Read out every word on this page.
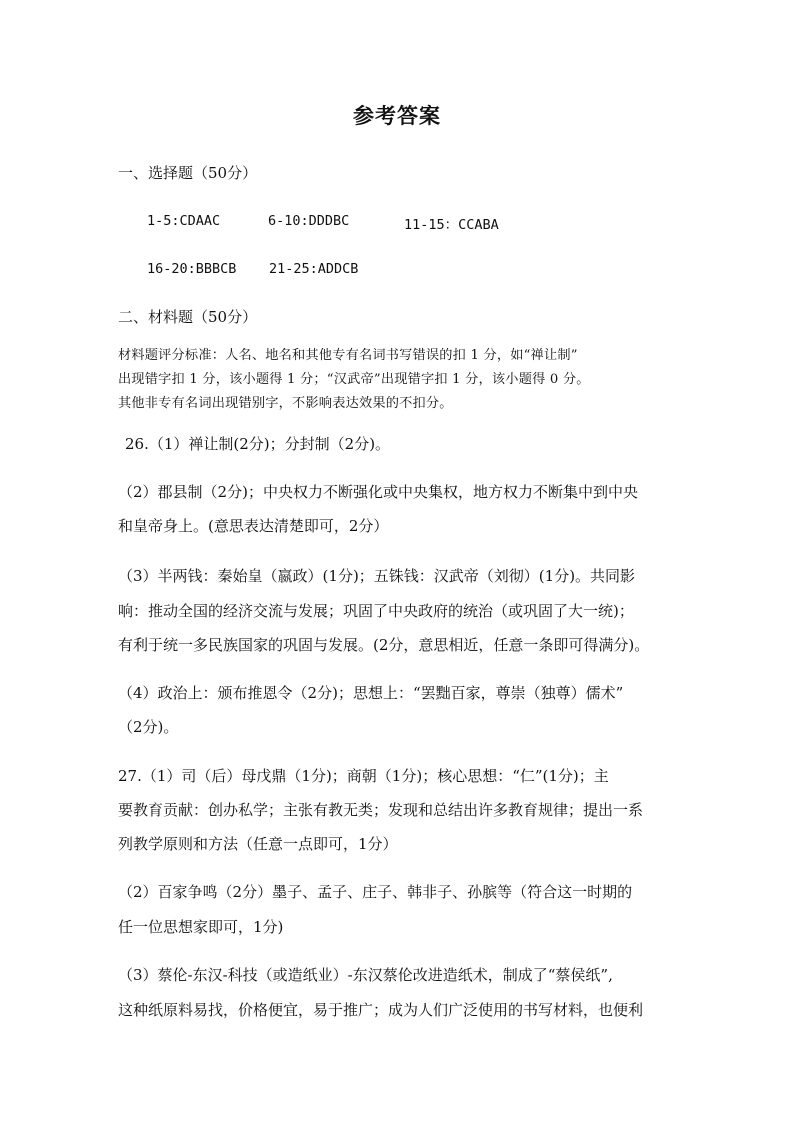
参考答案
一、选择题（50分）
1-5:CDAAC	6-10:DDDBC	11-15：CCABA
16-20:BBBCB 21-25:ADDCB
二、材料题（50分）
材料题评分标准：人名、地名和其他专有名词书写错误的扣 1 分，如“禅让制”
出现错字扣 1 分，该小题得 1 分；“汉武帝”出现错字扣 1 分，该小题得 0 分。
其他非专有名词出现错别字，不影响表达效果的不扣分。
26.（1）禅让制(2分)；分封制（2分)。
（2）郡县制（2分)；中央权力不断强化或中央集权，地方权力不断集中到中央
和皇帝身上。(意思表达清楚即可，2分）
（3）半两钱：秦始皇（嬴政）(1分)；五铢钱：汉武帝（刘彻）(1分)。共同影
响：推动全国的经济交流与发展；巩固了中央政府的统治（或巩固了大一统)；
有利于统一多民族国家的巩固与发展。(2分，意思相近，任意一条即可得满分)。
（4）政治上：颁布推恩令（2分)；思想上：“罢黜百家，尊崇（独尊）儒术”
（2分)。
27.（1）司（后）母戊鼎（1分)；商朝（1分)；核心思想：“仁”(1分)；主
要教育贡献：创办私学；主张有教无类；发现和总结出许多教育规律；提出一系
列教学原则和方法（任意一点即可，1分）
（2）百家争鸣（2分）墨子、孟子、庄子、韩非子、孙膑等（符合这一时期的
任一位思想家即可，1分)
（3）蔡伦-东汉-科技（或造纸业）-东汉蔡伦改进造纸术，制成了“蔡侯纸”,
这种纸原料易找，价格便宜，易于推广；成为人们广泛使用的书写材料，也便利
